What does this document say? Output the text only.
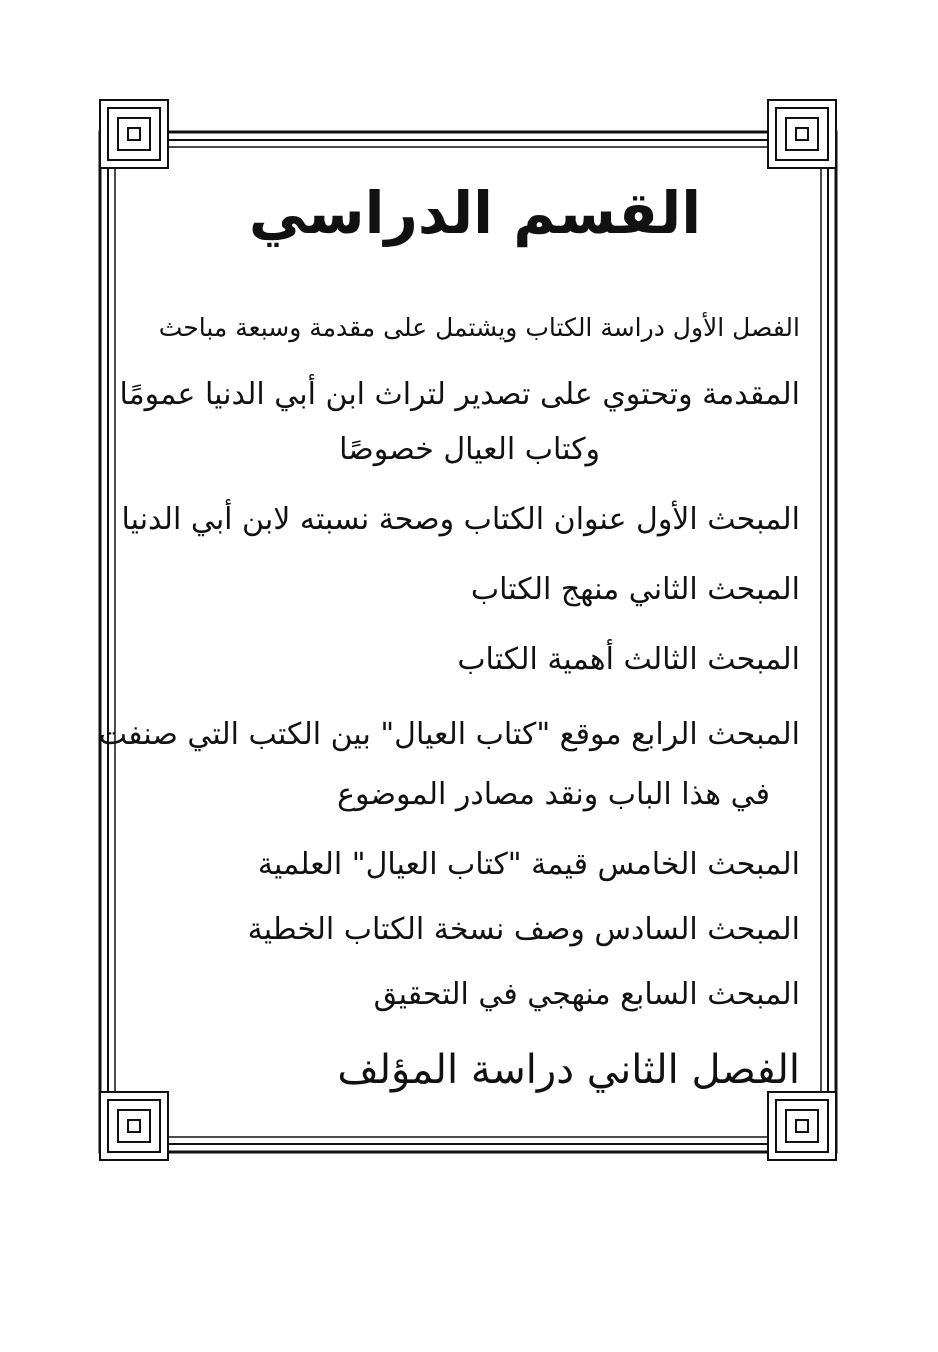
القسم الدراسي
الفصل الأول دراسة الكتاب ويشتمل على مقدمة وسبعة مباحث
المقدمة وتحتوي على تصدير لتراث ابن أبي الدنيا عمومًا
وكتاب العيال خصوصًا
المبحث الأول عنوان الكتاب وصحة نسبته لابن أبي الدنيا
المبحث الثاني منهج الكتاب
المبحث الثالث أهمية الكتاب
المبحث الرابع موقع "كتاب العيال" بين الكتب التي صنفت
في هذا الباب ونقد مصادر الموضوع
المبحث الخامس قيمة "كتاب العيال" العلمية
المبحث السادس وصف نسخة الكتاب الخطية
المبحث السابع منهجي في التحقيق
الفصل الثاني دراسة المؤلف
